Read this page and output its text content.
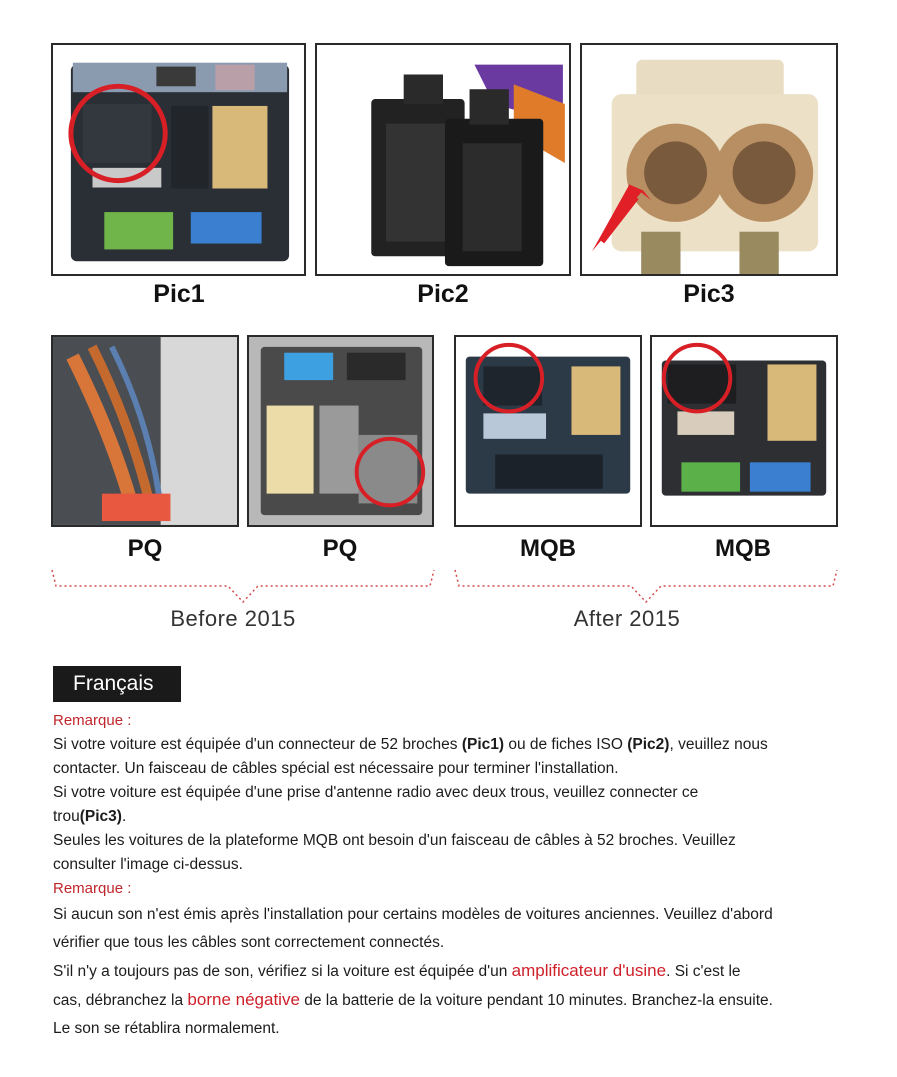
Pic1	Pic2	Pic3
PQ	PQ	MQB	MQB
Before 2015	After 2015
Français

Remarque :

Si votre voiture est équipée d'un connecteur de 52 broches (Pic1) ou de fiches ISO (Pic2), veuillez nous

contacter. Un faisceau de câbles spécial est nécessaire pour terminer l'installation.

Si votre voiture est équipée d'une prise d'antenne radio avec deux trous, veuillez connecter ce

trou(Pic3).

Seules les voitures de la plateforme MQB ont besoin d'un faisceau de câbles à 52 broches. Veuillez

consulter l'image ci-dessus.

Remarque :

Si aucun son n'est émis après l'installation pour certains modèles de voitures anciennes. Veuillez d'abord

vérifier que tous les câbles sont correctement connectés.

S'il n'y a toujours pas de son, vérifiez si la voiture est équipée d'un amplificateur d'usine. Si c'est le

cas, débranchez la borne négative de la batterie de la voiture pendant 10 minutes. Branchez-la ensuite.

Le son se rétablira normalement.
